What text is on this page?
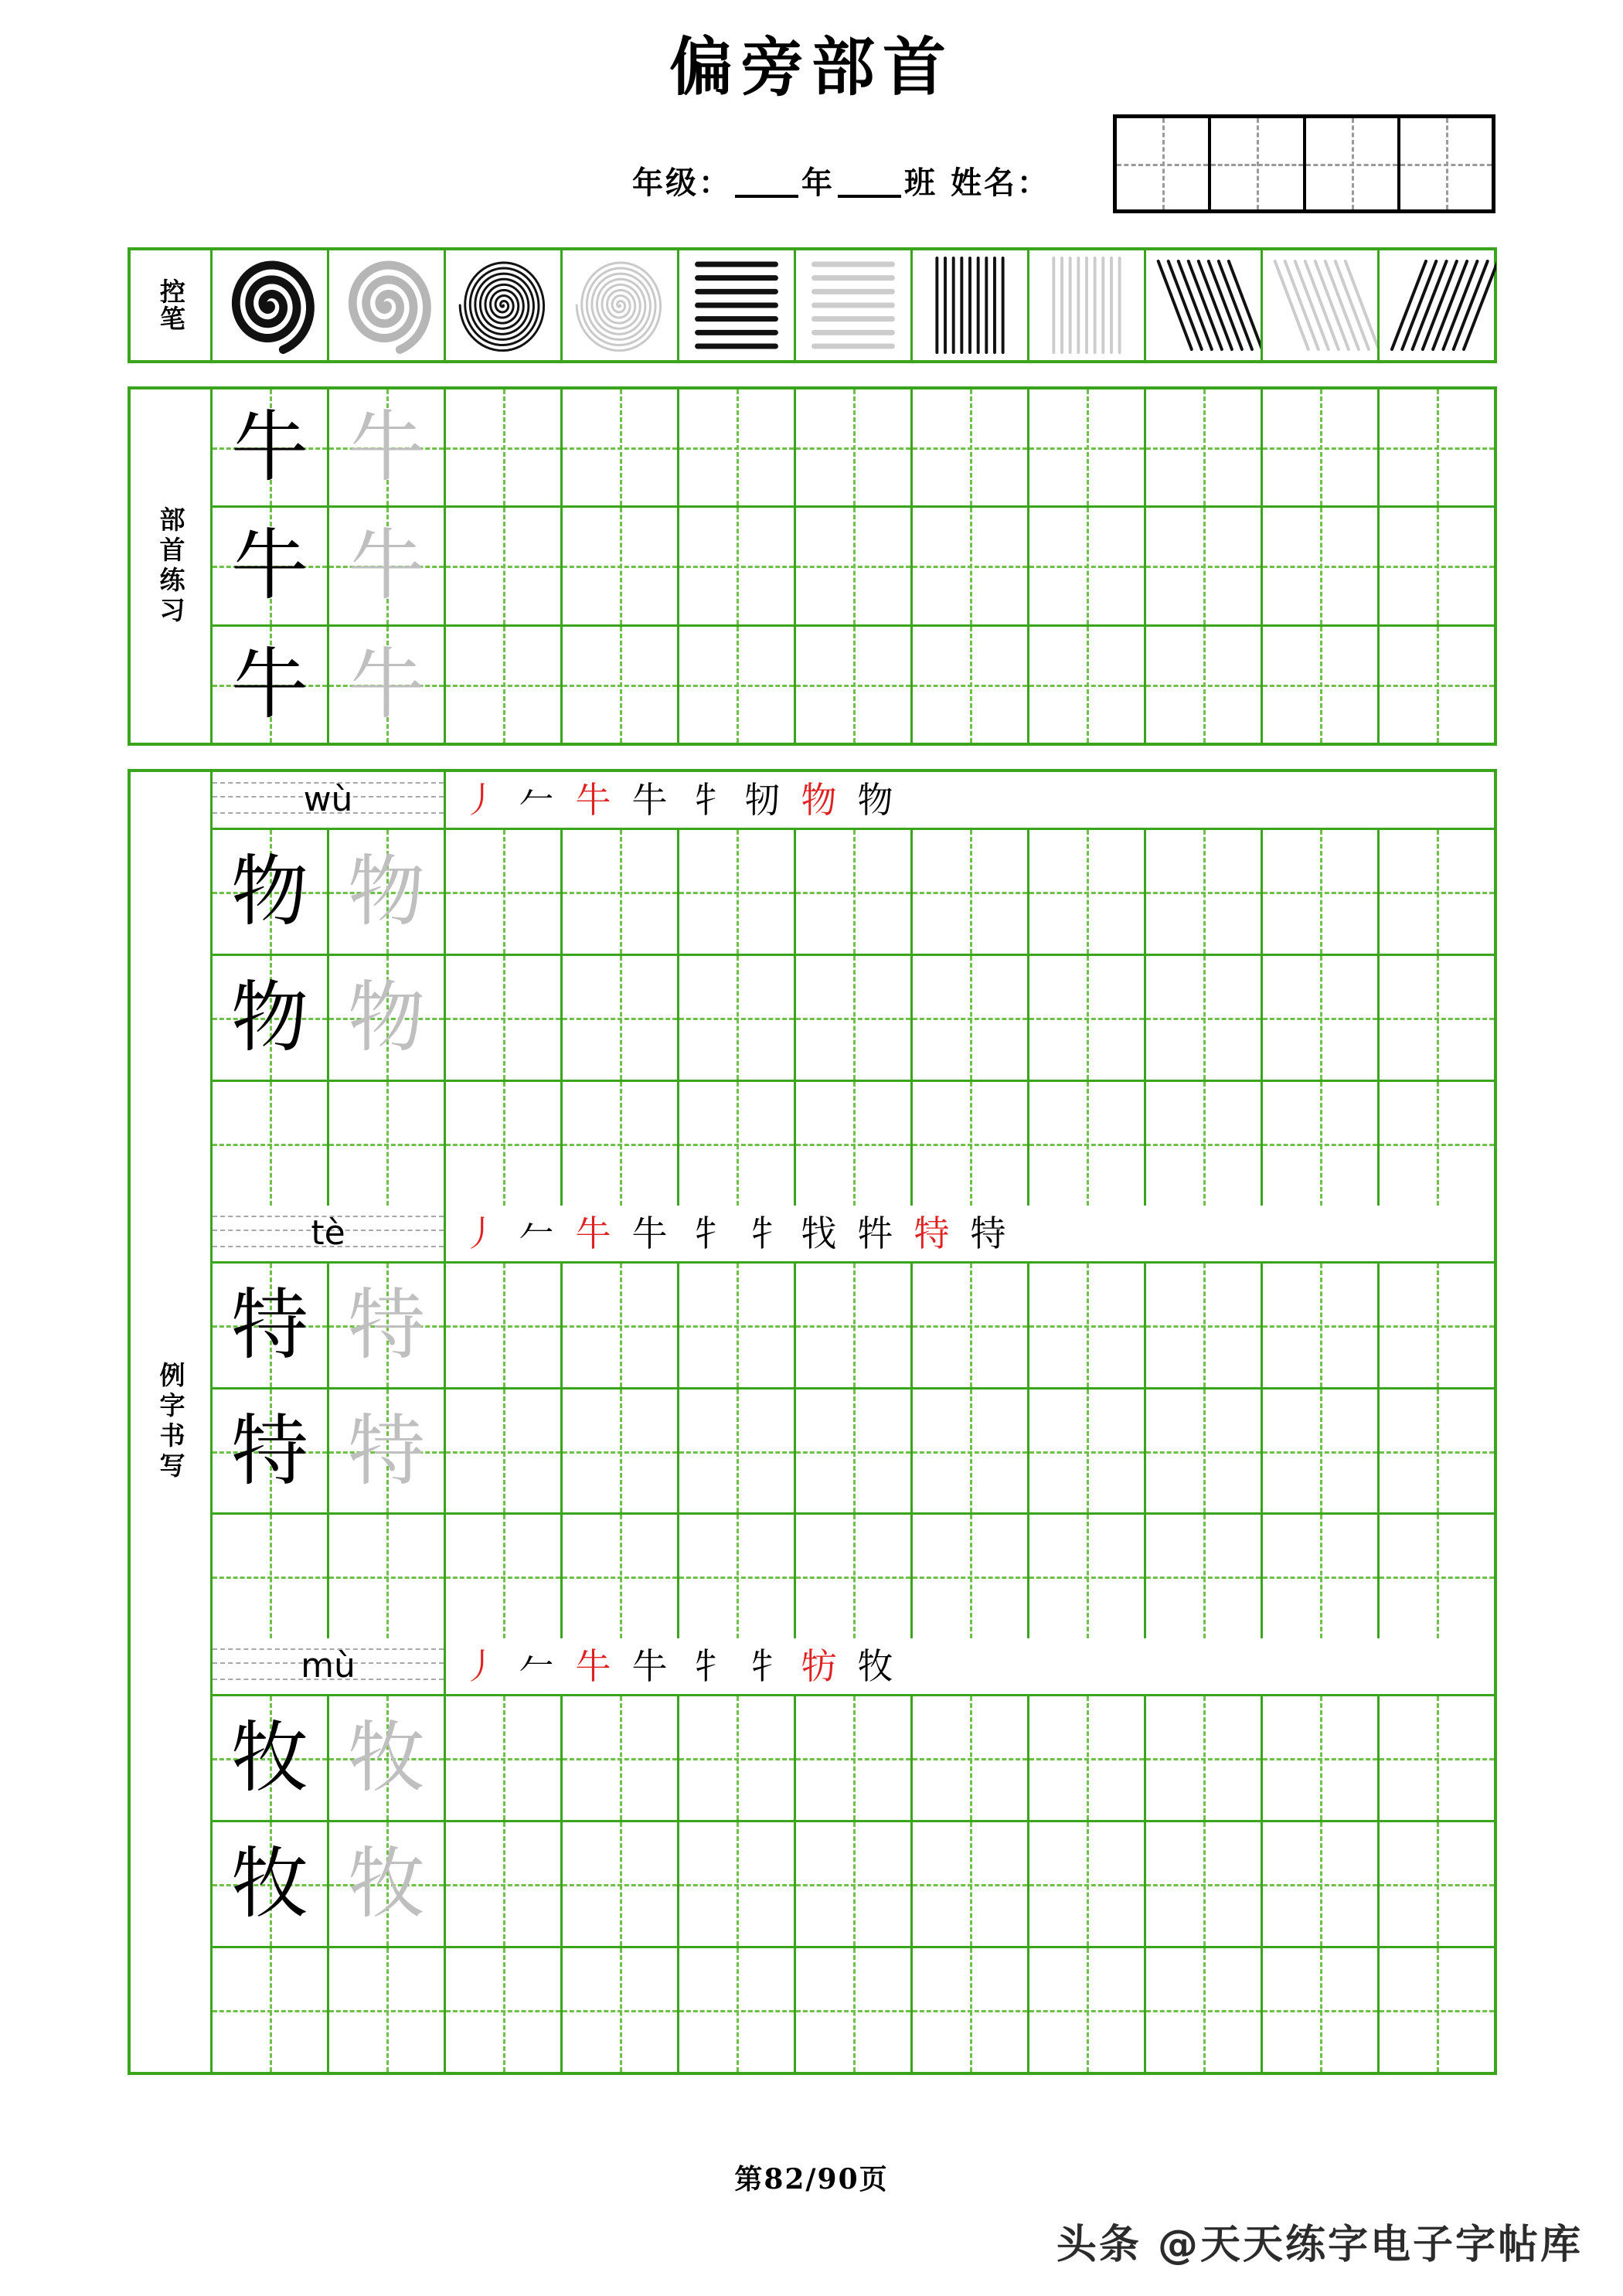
偏旁部首
年级： 年 班 姓名：
控笔
部首练习
牛 牛
牛 牛
牛 牛
例字书写
wù	丿 𠂉 牛 牛 牜 牣 物 物
物 物
物 物
tè	丿 𠂉 牛 牛 牜 牜 牫 牪 特 特
特 特
特 特
mù	丿 𠂉 牛 牛 牜 牜 牥 牧
牧 牧
牧 牧
第82/90页
头条 @天天练字电子字帖库
